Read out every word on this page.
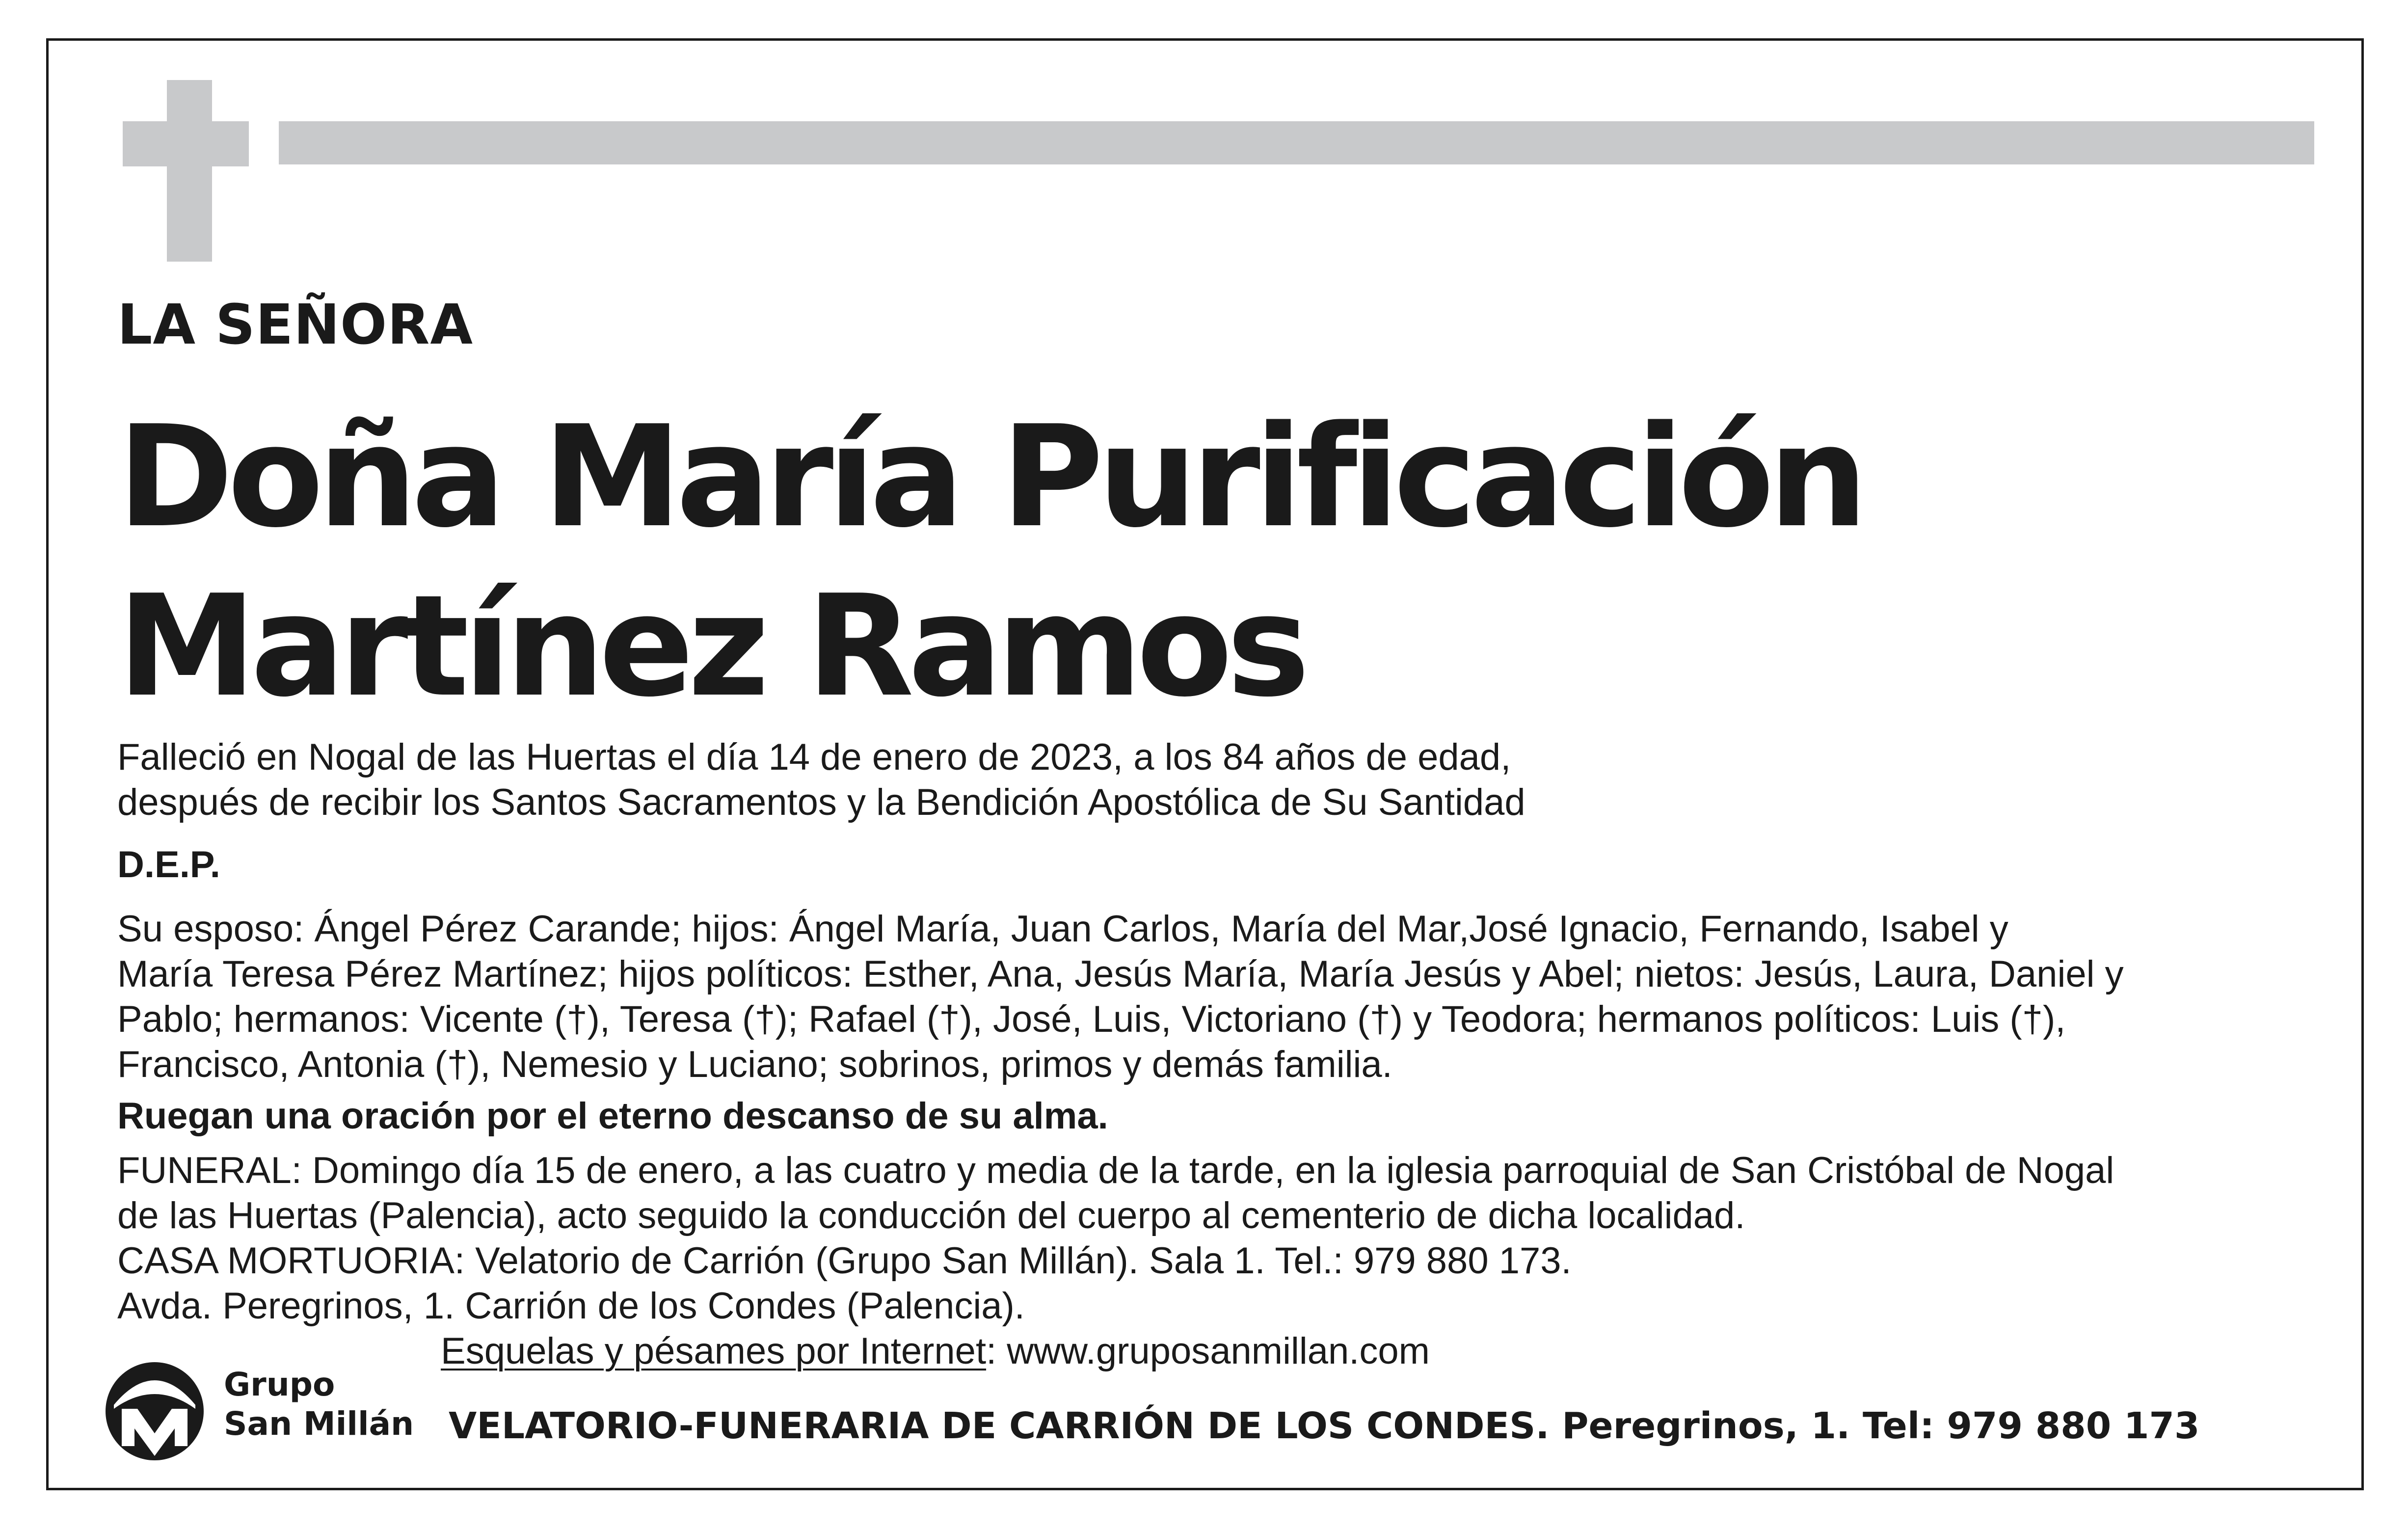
LA SEÑORA
Doña María Purificación
Martínez Ramos
Falleció en Nogal de las Huertas el día 14 de enero de 2023, a los 84 años de edad,
después de recibir los Santos Sacramentos y la Bendición Apostólica de Su Santidad
D.E.P.
Su esposo: Ángel Pérez Carande; hijos: Ángel María, Juan Carlos, María del Mar,José Ignacio, Fernando, Isabel y
María Teresa Pérez Martínez; hijos políticos: Esther, Ana, Jesús María, María Jesús y Abel; nietos: Jesús, Laura, Daniel y
Pablo; hermanos: Vicente (†), Teresa (†); Rafael (†), José, Luis, Victoriano (†) y Teodora; hermanos políticos: Luis (†),
Francisco, Antonia (†), Nemesio y Luciano; sobrinos, primos y demás familia.
Ruegan una oración por el eterno descanso de su alma.
FUNERAL: Domingo día 15 de enero, a las cuatro y media de la tarde, en la iglesia parroquial de San Cristóbal de Nogal
de las Huertas (Palencia), acto seguido la conducción del cuerpo al cementerio de dicha localidad.
CASA MORTUORIA: Velatorio de Carrión (Grupo San Millán). Sala 1. Tel.: 979 880 173.
Avda. Peregrinos, 1. Carrión de los Condes (Palencia).
Esquelas y pésames por Internet: www.gruposanmillan.com
Grupo
San Millán VELATORIO-FUNERARIA DE CARRIÓN DE LOS CONDES. Peregrinos, 1. Tel: 979 880 173
